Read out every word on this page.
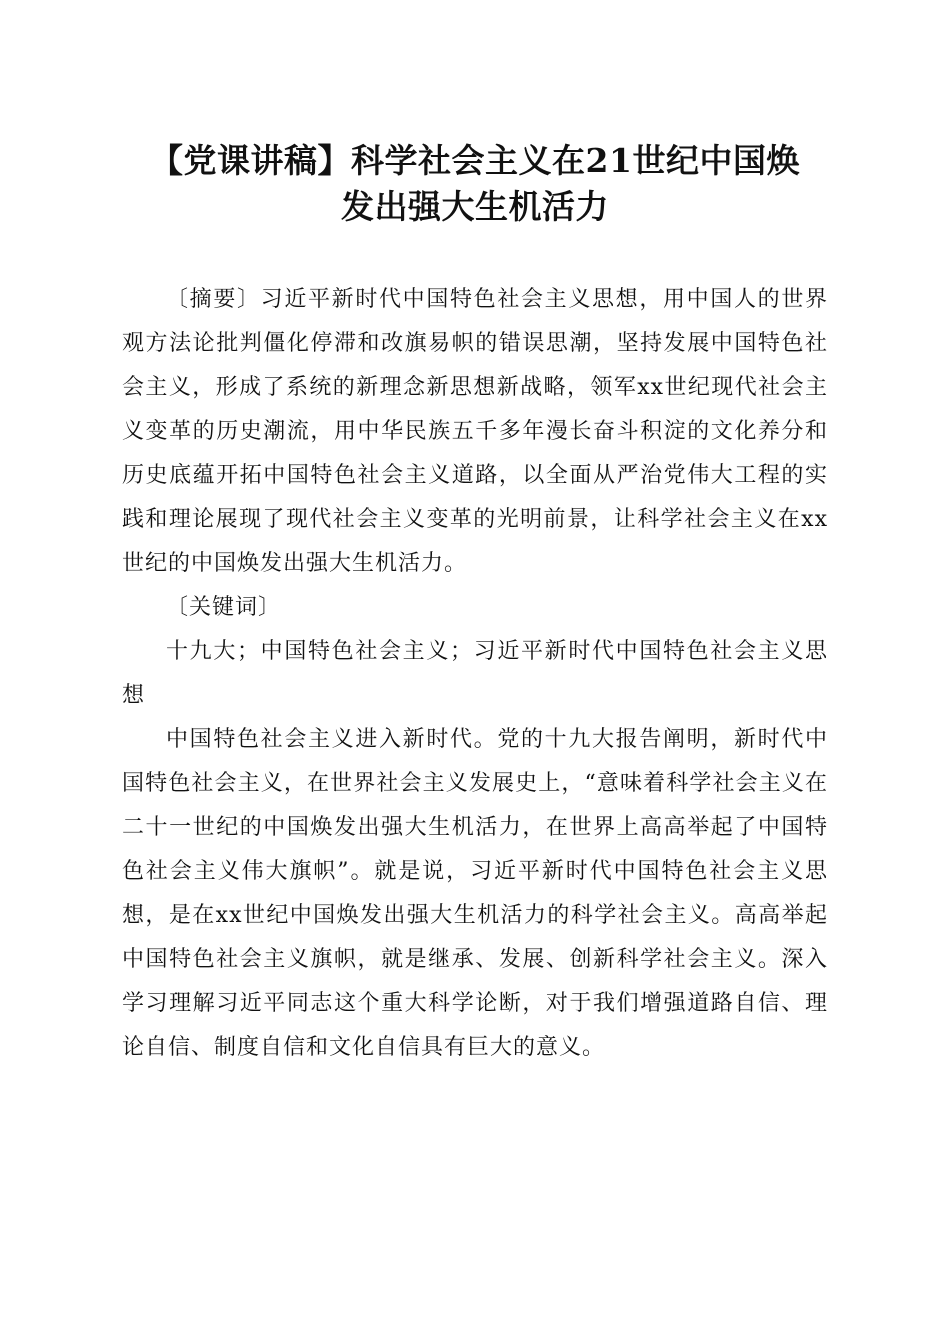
【党课讲稿】科学社会主义在21世纪中国焕
发出强大生机活力

〔摘要〕习近平新时代中国特色社会主义思想，用中国人的世界观方法论批判僵化停滞和改旗易帜的错误思潮，坚持发展中国特色社会主义，形成了系统的新理念新思想新战略，领军xx世纪现代社会主义变革的历史潮流，用中华民族五千多年漫长奋斗积淀的文化养分和历史底蕴开拓中国特色社会主义道路，以全面从严治党伟大工程的实践和理论展现了现代社会主义变革的光明前景，让科学社会主义在xx世纪的中国焕发出强大生机活力。

〔关键词〕

十九大；中国特色社会主义；习近平新时代中国特色社会主义思想

中国特色社会主义进入新时代。党的十九大报告阐明，新时代中国特色社会主义，在世界社会主义发展史上，“意味着科学社会主义在二十一世纪的中国焕发出强大生机活力，在世界上高高举起了中国特色社会主义伟大旗帜”。就是说，习近平新时代中国特色社会主义思想，是在xx世纪中国焕发出强大生机活力的科学社会主义。高高举起中国特色社会主义旗帜，就是继承、发展、创新科学社会主义。深入学习理解习近平同志这个重大科学论断，对于我们增强道路自信、理论自信、制度自信和文化自信具有巨大的意义。
